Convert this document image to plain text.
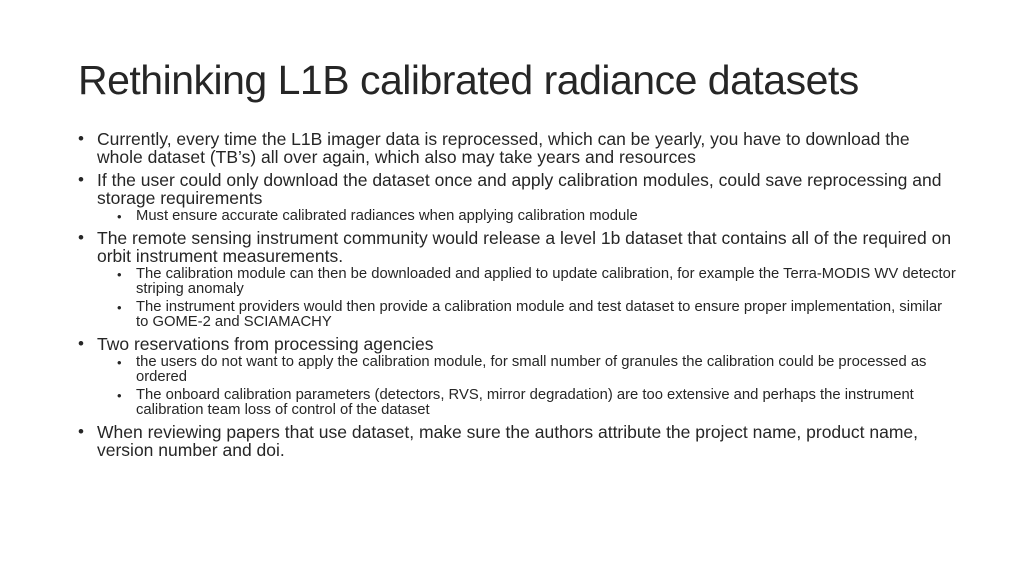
Rethinking L1B calibrated radiance datasets
• Currently, every time the L1B imager data is reprocessed, which can be yearly, you have to download the whole dataset (TB’s) all over again, which also may take years and resources
• If the user could only download the dataset once and apply calibration modules, could save reprocessing and storage requirements
• Must ensure accurate calibrated radiances when applying calibration module
• The remote sensing instrument community would release a level 1b dataset that contains all of the required on orbit instrument measurements.
• The calibration module can then be downloaded and applied to update calibration, for example the Terra-MODIS WV detector striping anomaly
• The instrument providers would then provide a calibration module and test dataset to ensure proper implementation, similar to GOME-2 and SCIAMACHY
• Two reservations from processing agencies
• the users do not want to apply the calibration module, for small number of granules the calibration could be processed as ordered
• The onboard calibration parameters (detectors, RVS, mirror degradation) are too extensive and perhaps the instrument calibration team loss of control of the dataset
• When reviewing papers that use dataset, make sure the authors attribute the project name, product name, version number and doi.
